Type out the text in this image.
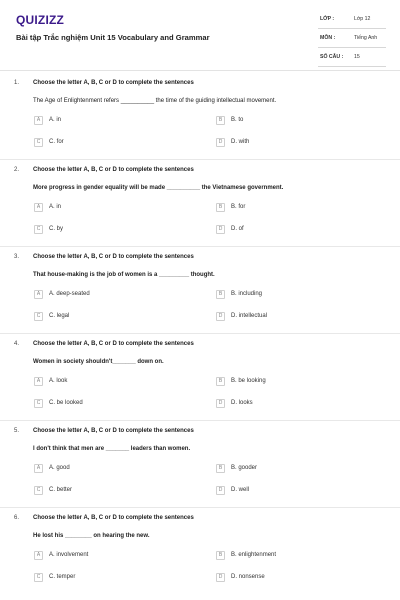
QUIZIZZ
Bài tập Trắc nghiệm Unit 15 Vocabulary and Grammar
LỚP :	Lớp 12
MÔN :	Tiếng Anh
SỐ CÂU : 15
1. Choose the letter A, B, C or D to complete the sentences
The Age of Enlightenment refers __________ the time of the guiding intellectual movement.
A	A. in	B	B. to
C	C. for	D	D. with
2. Choose the letter A, B, C or D to complete the sentences
More progress in gender equality will be made __________ the Vietnamese government.
A	A. in	B	B. for
C	C. by	D	D. of
3. Choose the letter A, B, C or D to complete the sentences
That house-making is the job of women is a _________ thought.
A	A. deep-seated	B	B. including
C	C. legal	D	D. intellectual
4. Choose the letter A, B, C or D to complete the sentences
Women in society shouldn't_______ down on.
A	A. look	B	B. be looking
C	C. be looked	D	D. looks
5. Choose the letter A, B, C or D to complete the sentences
I don't think that men are _______ leaders than women.
A	A. good	B	B. gooder
C	C. better	D	D. well
6. Choose the letter A, B, C or D to complete the sentences
He lost his ________ on hearing the new.
A	A. involvement	B	B. enlightenment
C	C. temper	D	D. nonsense
